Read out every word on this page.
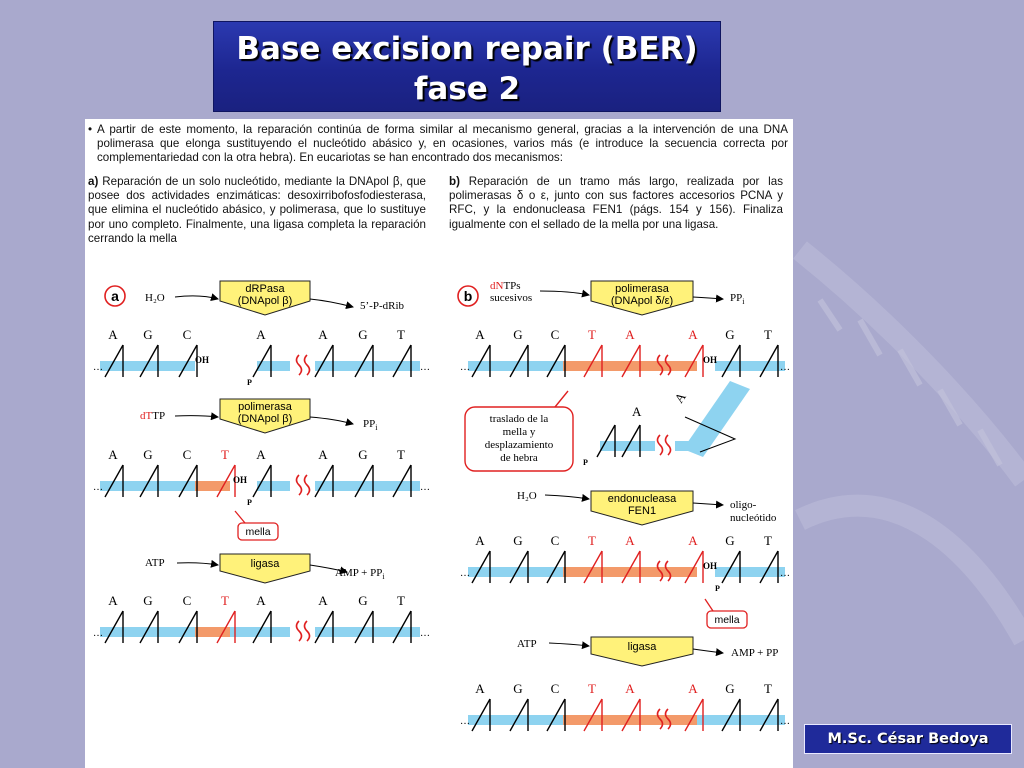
Base excision repair (BER)
fase 2
• A partir de este momento, la reparación continúa de forma similar al mecanismo general, gracias a la intervención de una DNA polimerasa que elonga sustituyendo el nucleótido abásico y, en ocasiones, varios más (e introduce la secuencia correcta por complementariedad con la otra hebra). En eucariotas se han encontrado dos mecanismos:

a) Reparación de un solo nucleótido, mediante la DNApol β, que posee dos actividades enzimáticas: desoxirribofosfodiesterasa, que elimina el nucleótido abásico, y polimerasa, que lo sustituye por uno completo. Finalmente, una ligasa completa la reparación cerrando la mella
b) Reparación de un tramo más largo, realizada por las polimerasas δ o ε, junto con sus factores accesorios PCNA y RFC, y la endonucleasa FEN1 (págs. 154 y 156). Finaliza igualmente con el sellado de la mella por una ligasa.
a	dRPasa
(DNApol β)
H₂O
5’-P-dRib
A G C	A	A G T
…	…
OH
P
polimerasa
(DNApol β)
dTTP
$PP_i$
A G C T A	A G T
…	…
OH
P
mella
ligasa
ATP
AMP + $PP_i$
A G C T A	A G T
…	…
b	polimerasa
(DNApol δ/ε)
dNTPs
sucesivos	$PP_i$
A G C T A	A G T
…	…
OH
A
A
traslado de la
mella y
desplazamiento
de hebra	P
endonucleasa
FEN1
H₂O
oligo-
nucleótido
A G C T A	A G T
…	…
OH
P
mella
ligasa
ATP
AMP + PP
A G C T A	A G T
…	…
M.Sc. César Bedoya
